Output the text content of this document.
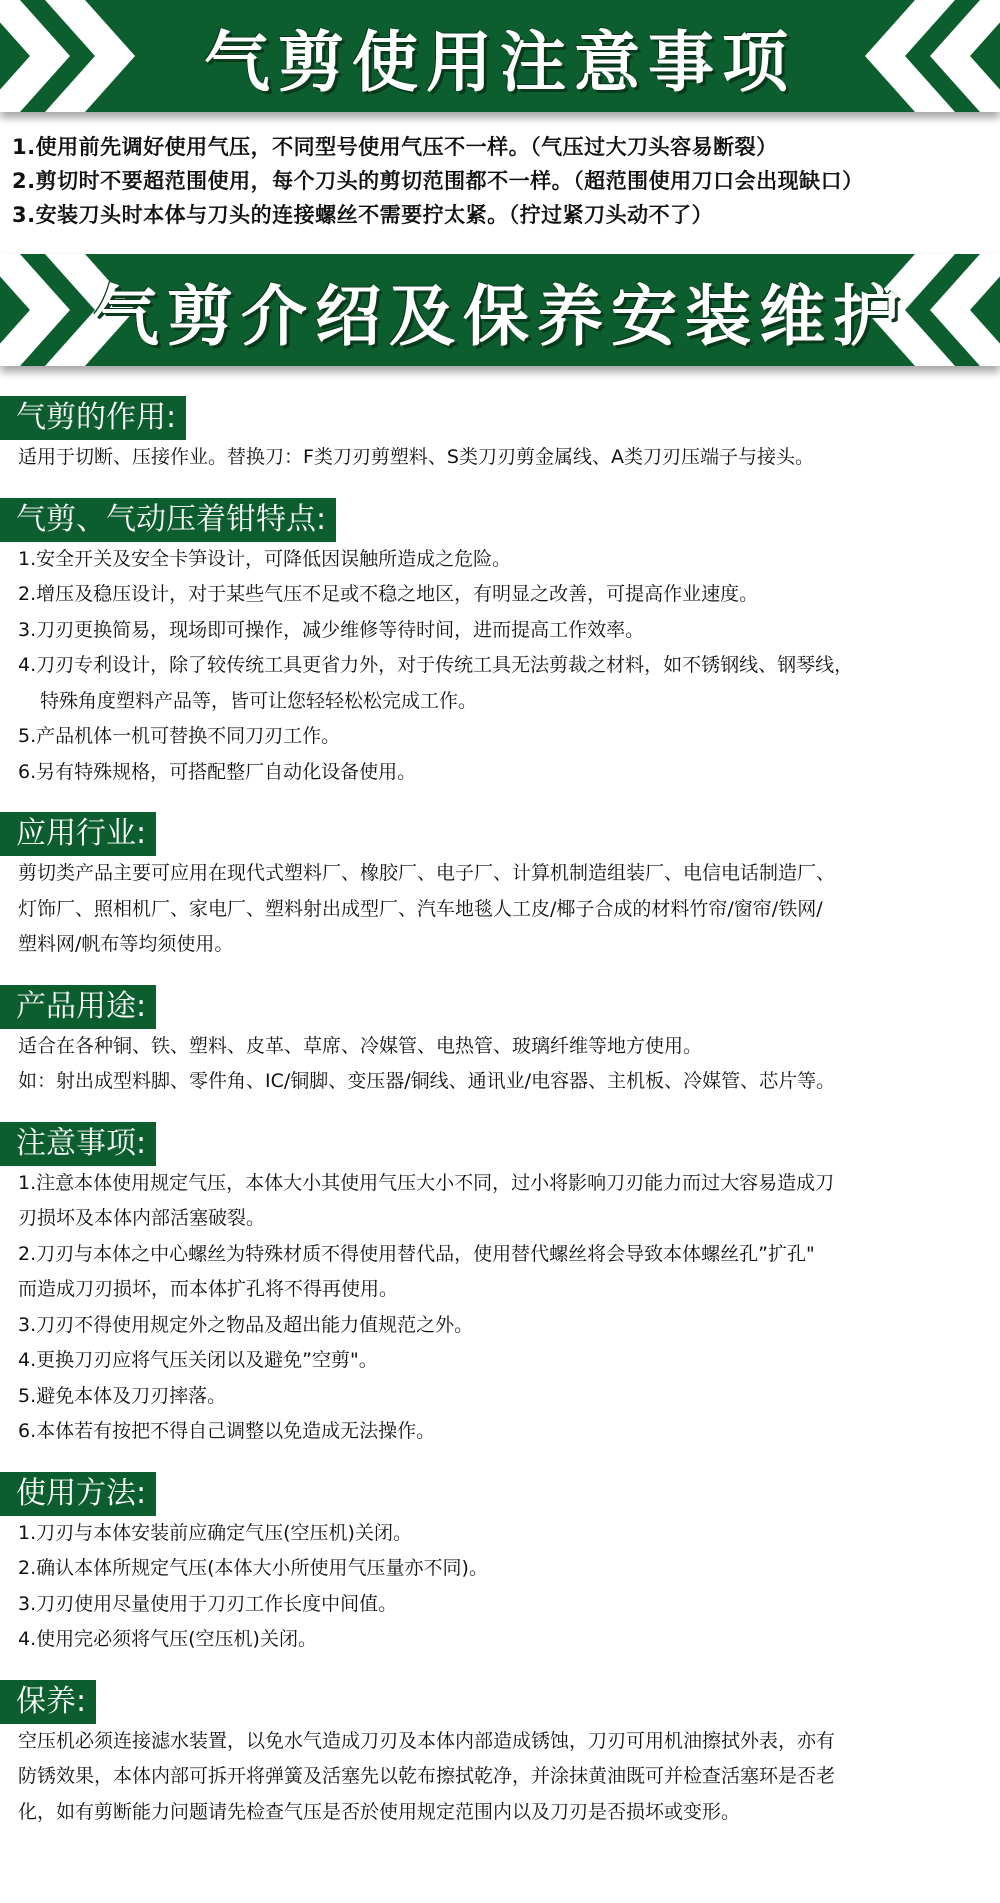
气剪使用注意事项
1.使用前先调好使用气压，不同型号使用气压不一样。（气压过大刀头容易断裂）
2.剪切时不要超范围使用，每个刀头的剪切范围都不一样。（超范围使用刀口会出现缺口）
3.安装刀头时本体与刀头的连接螺丝不需要拧太紧。（拧过紧刀头动不了）
气剪介绍及保养安装维护
气剪的作用:
适用于切断、压接作业。替换刀：F类刀刃剪塑料、S类刀刃剪金属线、A类刀刃压端子与接头。
气剪、气动压着钳特点:
1.安全开关及安全卡笋设计，可降低因误触所造成之危险。
2.增压及稳压设计，对于某些气压不足或不稳之地区，有明显之改善，可提高作业速度。
3.刀刃更换简易，现场即可操作，减少维修等待时间，进而提高工作效率。
4.刀刃专利设计，除了较传统工具更省力外，对于传统工具无法剪裁之材料，如不锈钢线、钢琴线，
特殊角度塑料产品等，皆可让您轻轻松松完成工作。
5.产品机体一机可替换不同刀刃工作。
6.另有特殊规格，可搭配整厂自动化设备使用。
应用行业:
剪切类产品主要可应用在现代式塑料厂、橡胶厂、电子厂、计算机制造组装厂、电信电话制造厂、
灯饰厂、照相机厂、家电厂、塑料射出成型厂、汽车地毯人工皮/椰子合成的材料竹帘/窗帘/铁网/
塑料网/帆布等均须使用。
产品用途:
适合在各种铜、铁、塑料、皮革、草席、冷媒管、电热管、玻璃纤维等地方使用。
如：射出成型料脚、零件角、IC/铜脚、变压器/铜线、通讯业/电容器、主机板、冷媒管、芯片等。
注意事项:
1.注意本体使用规定气压，本体大小其使用气压大小不同，过小将影响刀刃能力而过大容易造成刀
刃损坏及本体内部活塞破裂。
2.刀刃与本体之中心螺丝为特殊材质不得使用替代品，使用替代螺丝将会导致本体螺丝孔”扩孔"
而造成刀刃损坏，而本体扩孔将不得再使用。
3.刀刃不得使用规定外之物品及超出能力值规范之外。
4.更换刀刃应将气压关闭以及避免”空剪"。
5.避免本体及刀刃摔落。
6.本体若有按把不得自己调整以免造成无法操作。
使用方法:
1.刀刃与本体安装前应确定气压(空压机)关闭。
2.确认本体所规定气压(本体大小所使用气压量亦不同)。
3.刀刃使用尽量使用于刀刃工作长度中间值。
4.使用完必须将气压(空压机)关闭。
保养:
空压机必须连接滤水装置，以免水气造成刀刃及本体内部造成锈蚀，刀刃可用机油擦拭外表，亦有
防锈效果，本体内部可拆开将弹簧及活塞先以乾布擦拭乾净，并涂抹黄油既可并检查活塞环是否老
化，如有剪断能力问题请先检查气压是否於使用规定范围内以及刀刃是否损坏或变形。
